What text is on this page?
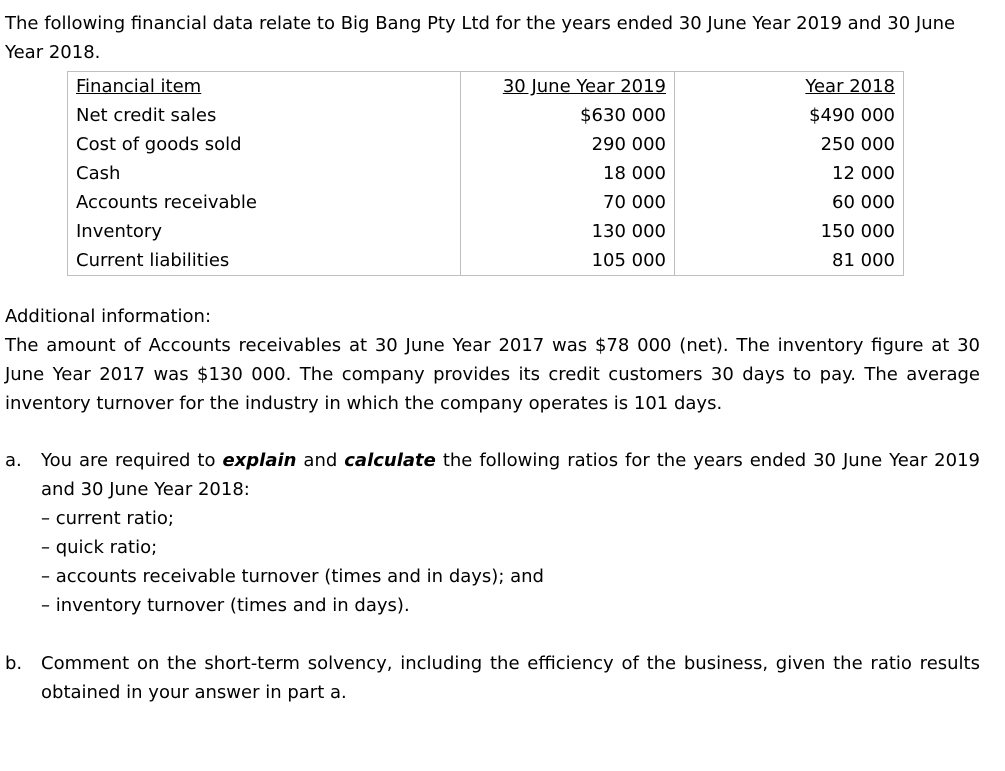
The following financial data relate to Big Bang Pty Ltd for the years ended 30 June Year 2019 and 30 June Year 2018.

Financial item	30 June Year 2019	Year 2018
Net credit sales	$630 000	$490 000
Cost of goods sold	290 000	250 000
Cash	18 000	12 000
Accounts receivable	70 000	60 000
Inventory	130 000	150 000
Current liabilities	105 000	81 000

Additional information:

The amount of Accounts receivables at 30 June Year 2017 was $78 000 (net). The inventory figure at 30 June Year 2017 was $130 000. The company provides its credit customers 30 days to pay. The average inventory turnover for the industry in which the company operates is 101 days.

a.	You are required to explain and calculate the following ratios for the years ended 30 June Year 2019 and 30 June Year 2018:
– current ratio;
– quick ratio;
– accounts receivable turnover (times and in days); and
– inventory turnover (times and in days).
b.	Comment on the short-term solvency, including the efficiency of the business, given the ratio results obtained in your answer in part a.
